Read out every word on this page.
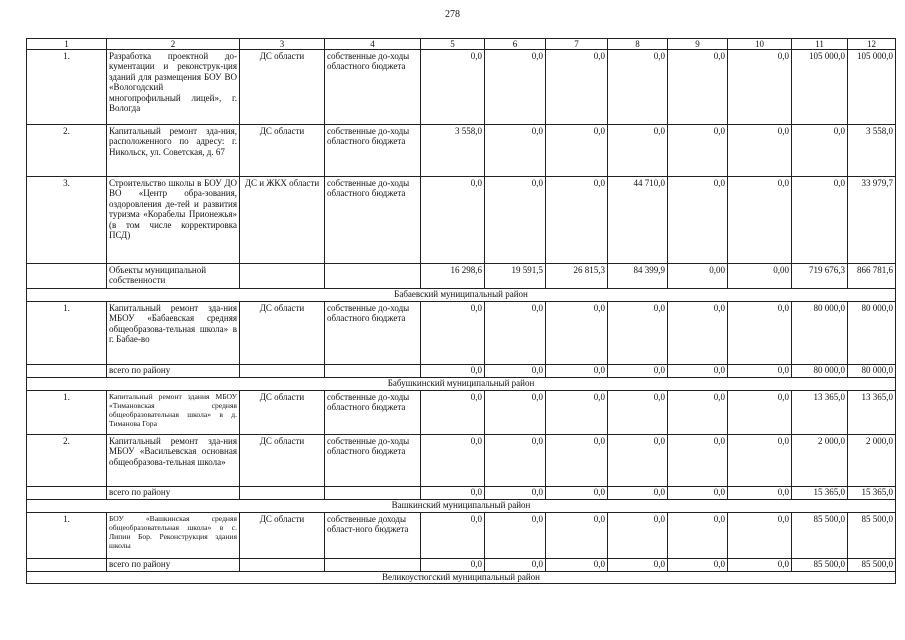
278
1	2	3	4	5	6	7	8	9	10	11	12
1.	Разработка проектной до-кументации и реконструк-ция зданий для размещения БОУ ВО «Вологодский многопрофильный лицей», г. Вологда	ДС области	собственные до-ходы областного бюджета	0,0	0,0	0,0	0,0	0,0	0,0	105 000,0	105 000,0
2.	Капитальный ремонт зда-ния, расположенного по адресу: г. Никольск, ул. Советская, д. 67	ДС области	собственные до-ходы областного бюджета	3 558,0	0,0	0,0	0,0	0,0	0,0	0,0	3 558,0
3.	Строительство школы в БОУ ДО ВО «Центр обра-зования, оздоровления де-тей и развития туризма «Корабелы Прионежья» (в том числе корректировка ПСД)	ДС и ЖКХ области	собственные до-ходы областного бюджета	0,0	0,0	0,0	44 710,0	0,0	0,0	0,0	33 979,7
	Объекты муниципальной собственности			16 298,6	19 591,5	26 815,3	84 399,9	0,00	0,00	719 676,3	866 781,6
Бабаевский муниципальный район											
1.	Капитальный ремонт зда-ния МБОУ «Бабаевская средняя общеобразова-тельная школа» в г. Бабае-во	ДС области	собственные до-ходы областного бюджета	0,0	0,0	0,0	0,0	0,0	0,0	80 000,0	80 000,0
	всего по району			0,0	0,0	0,0	0,0	0,0	0,0	80 000,0	80 000,0
Бабушкинский муниципальный район											
1.	Капитальный ремонт здания МБОУ «Тимановская средняя общеобразовательная школа» в д. Тиманова Гора	ДС области	собственные до-ходы областного бюджета	0,0	0,0	0,0	0,0	0,0	0,0	13 365,0	13 365,0
2.	Капитальный ремонт зда-ния МБОУ «Васильевская основная общеобразова-тельная школа»	ДС области	собственные до-ходы областного бюджета	0,0	0,0	0,0	0,0	0,0	0,0	2 000,0	2 000,0
	всего по району			0,0	0,0	0,0	0,0	0,0	0,0	15 365,0	15 365,0
Вашкинский муниципальный район											
1.	БОУ «Вашкинская средняя общеобразовательная школа» в с. Липин Бор. Реконструкция здания школы	ДС области	собственные доходы област-ного бюджета	0,0	0,0	0,0	0,0	0,0	0,0	85 500,0	85 500,0
	всего по району			0,0	0,0	0,0	0,0	0,0	0,0	85 500,0	85 500,0
Великоустюгский муниципальный район											
